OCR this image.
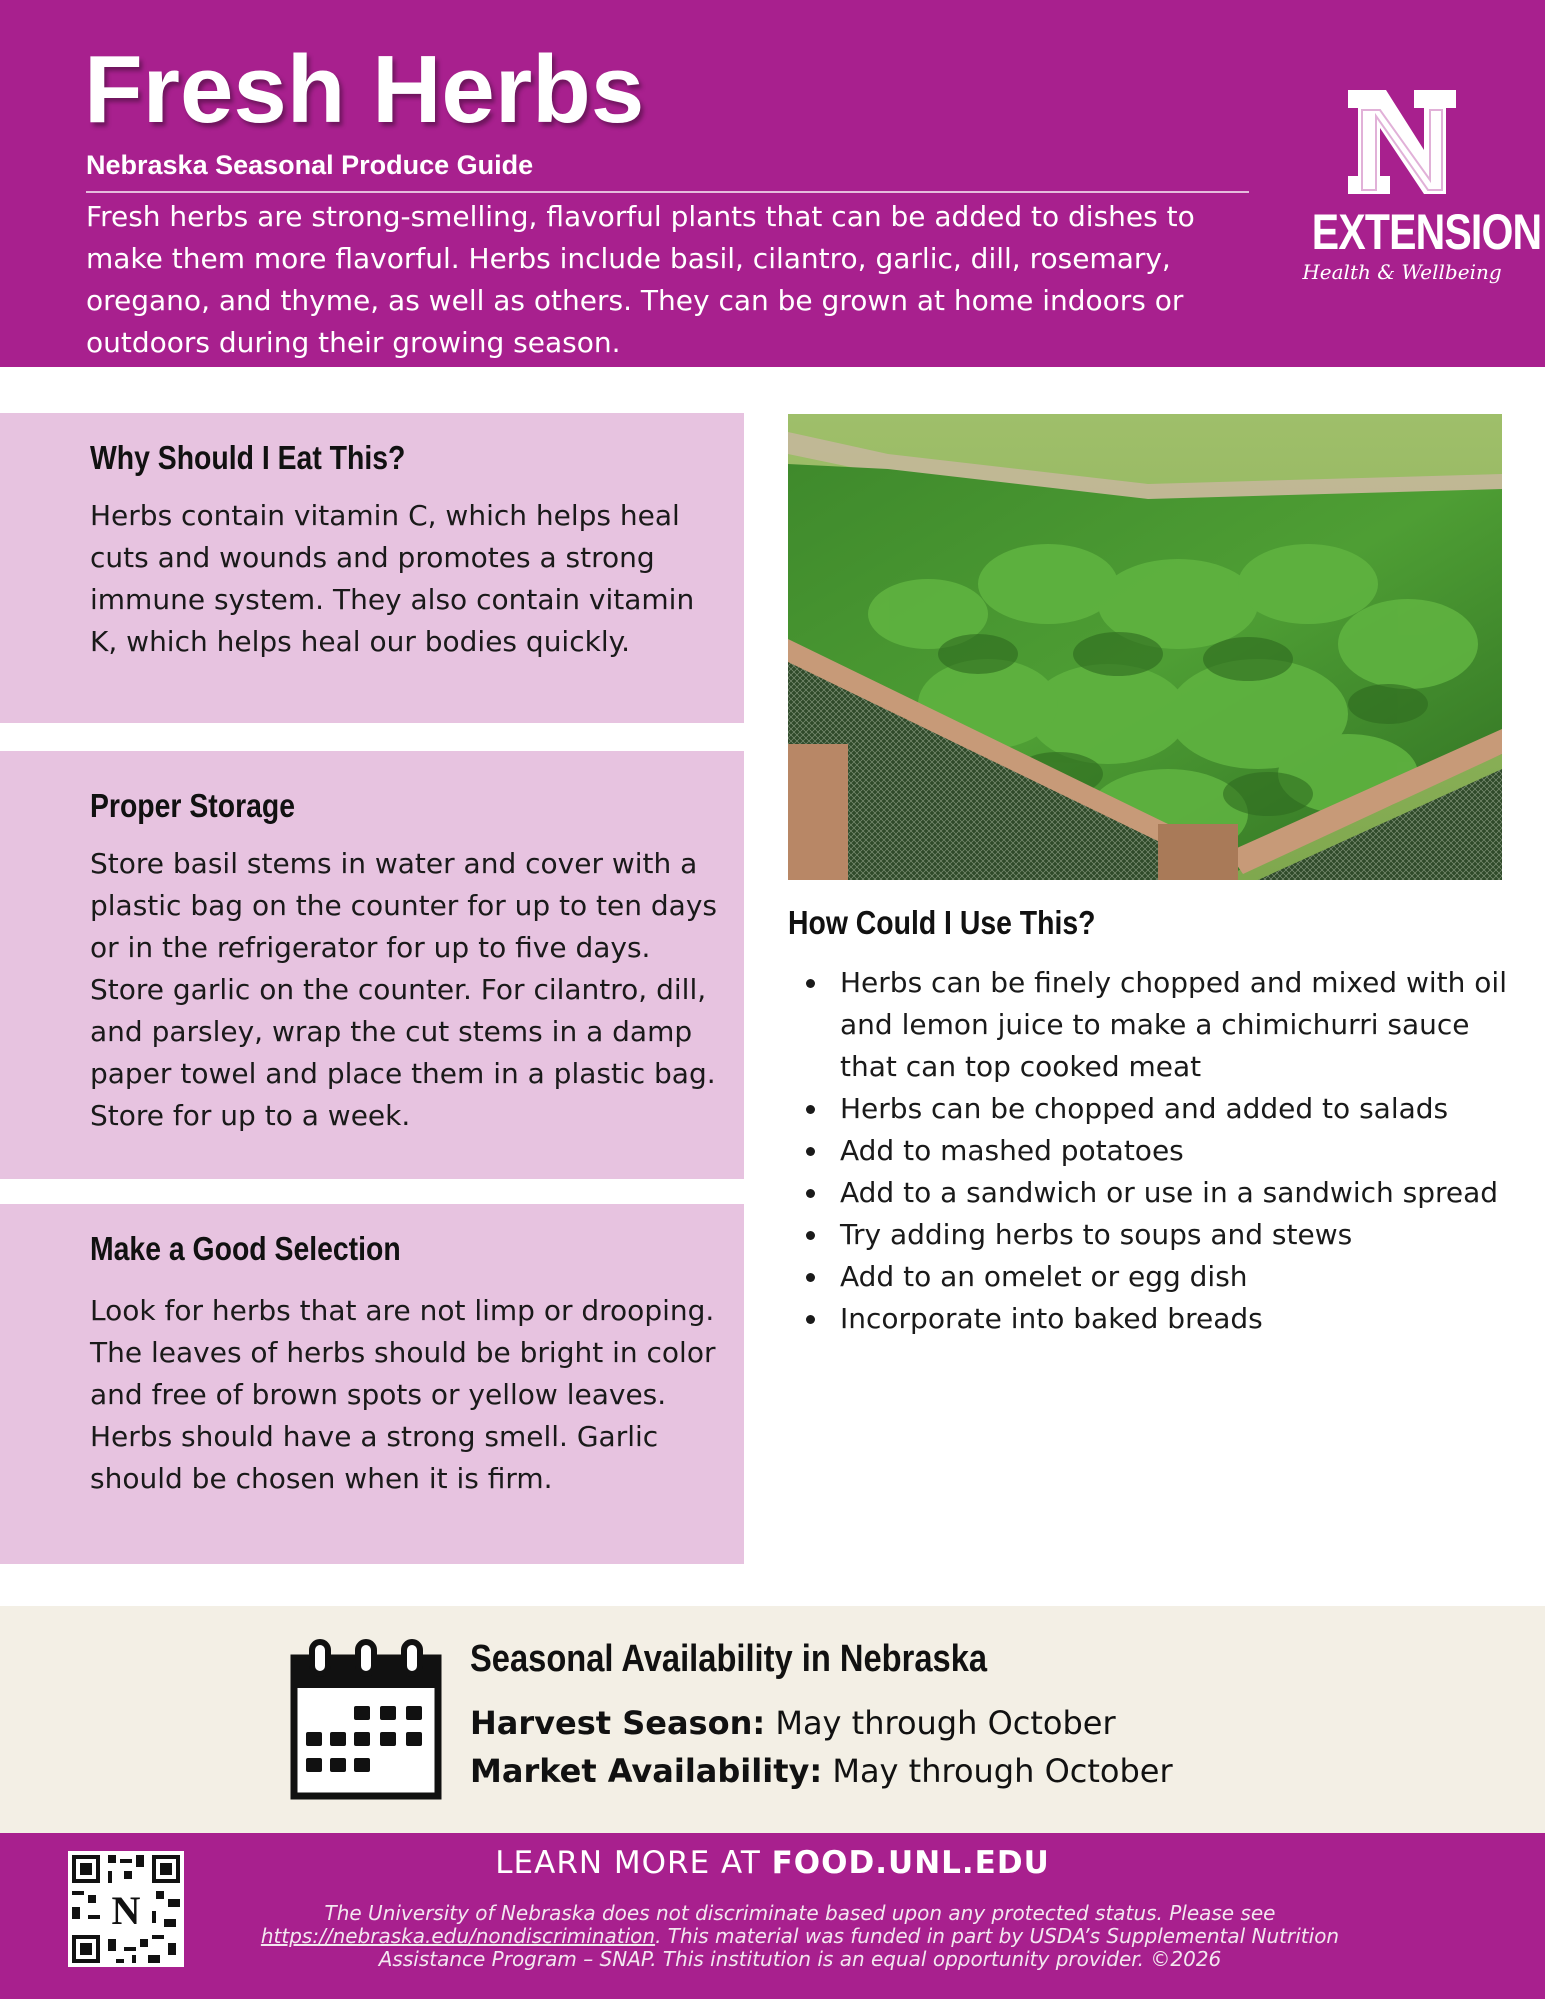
Fresh Herbs
Nebraska Seasonal Produce Guide
Fresh herbs are strong-smelling, flavorful plants that can be added to dishes to make them more flavorful. Herbs include basil, cilantro, garlic, dill, rosemary, oregano, and thyme, as well as others. They can be grown at home indoors or outdoors during their growing season.
EXTENSION
Health & Wellbeing
Why Should I Eat This?

Herbs contain vitamin C, which helps heal cuts and wounds and promotes a strong immune system. They also contain vitamin K, which helps heal our bodies quickly.

Proper Storage

Store basil stems in water and cover with a plastic bag on the counter for up to ten days or in the refrigerator for up to five days. Store garlic on the counter. For cilantro, dill, and parsley, wrap the cut stems in a damp paper towel and place them in a plastic bag. Store for up to a week.

Make a Good Selection

Look for herbs that are not limp or drooping. The leaves of herbs should be bright in color and free of brown spots or yellow leaves. Herbs should have a strong smell. Garlic should be chosen when it is firm.

How Could I Use This?
Herbs can be finely chopped and mixed with oil and lemon juice to make a chimichurri sauce that can top cooked meat
Herbs can be chopped and added to salads
Add to mashed potatoes
Add to a sandwich or use in a sandwich spread
Try adding herbs to soups and stews
Add to an omelet or egg dish
Incorporate into baked breads
Seasonal Availability in Nebraska
Harvest Season: May through October
Market Availability: May through October
N
LEARN MORE AT FOOD.UNL.EDU
The University of Nebraska does not discriminate based upon any protected status. Please see https://nebraska.edu/nondiscrimination. This material was funded in part by USDA’s Supplemental Nutrition Assistance Program – SNAP. This institution is an equal opportunity provider. ©2026
